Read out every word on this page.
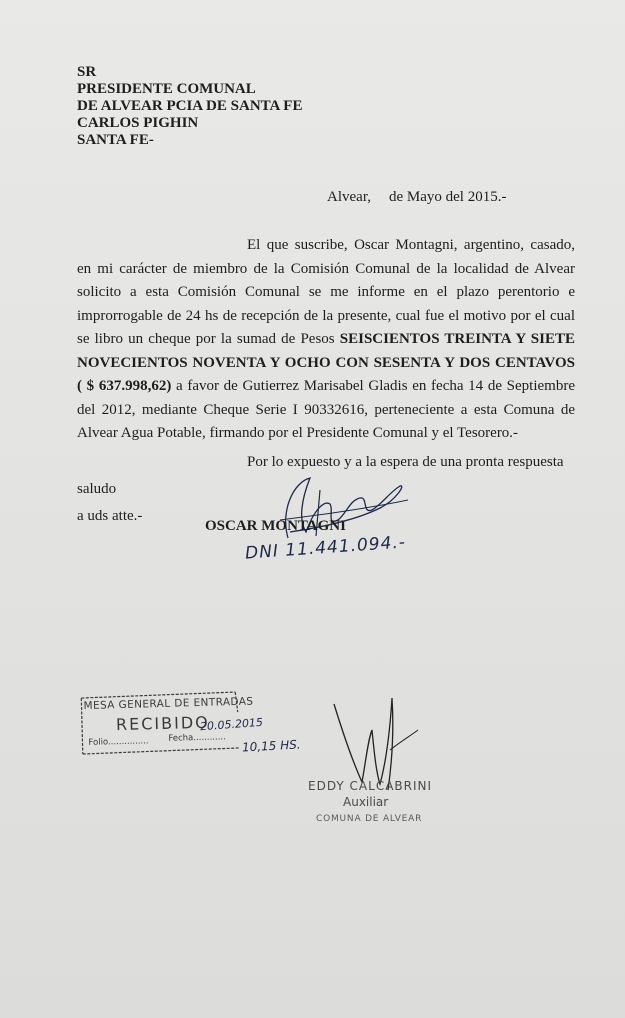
SR
PRESIDENTE COMUNAL
DE ALVEAR PCIA DE SANTA FE
CARLOS PIGHIN
SANTA FE-
Alvear, de Mayo del 2015.-

El que suscribe, Oscar Montagni, argentino, casado, en mi carácter de miembro de la Comisión Comunal de la localidad de Alvear solicito a esta Comisión Comunal se me informe en el plazo perentorio e improrrogable de 24 hs de recepción de la presente, cual fue el motivo por el cual se libro un cheque por la sumad de Pesos SEISCIENTOS TREINTA Y SIETE NOVECIENTOS NOVENTA Y OCHO CON SESENTA Y DOS CENTAVOS ( $ 637.998,62) a favor de Gutierrez Marisabel Gladis en fecha 14 de Septiembre del 2012, mediante Cheque Serie I 90332616, perteneciente a esta Comuna de Alvear Agua Potable, firmando por el Presidente Comunal y el Tesorero.-

Por lo expuesto y a la espera de una pronta respuesta saludo

a uds atte.-

OSCAR MONTAGNI
DNI 11.441.094.-
MESA GENERAL DE ENTRADAS
RECIBIDO
Folio............... Fecha............
20.05.2015
10,15 HS.
EDDY CALCABRINI
Auxiliar
COMUNA DE ALVEAR
